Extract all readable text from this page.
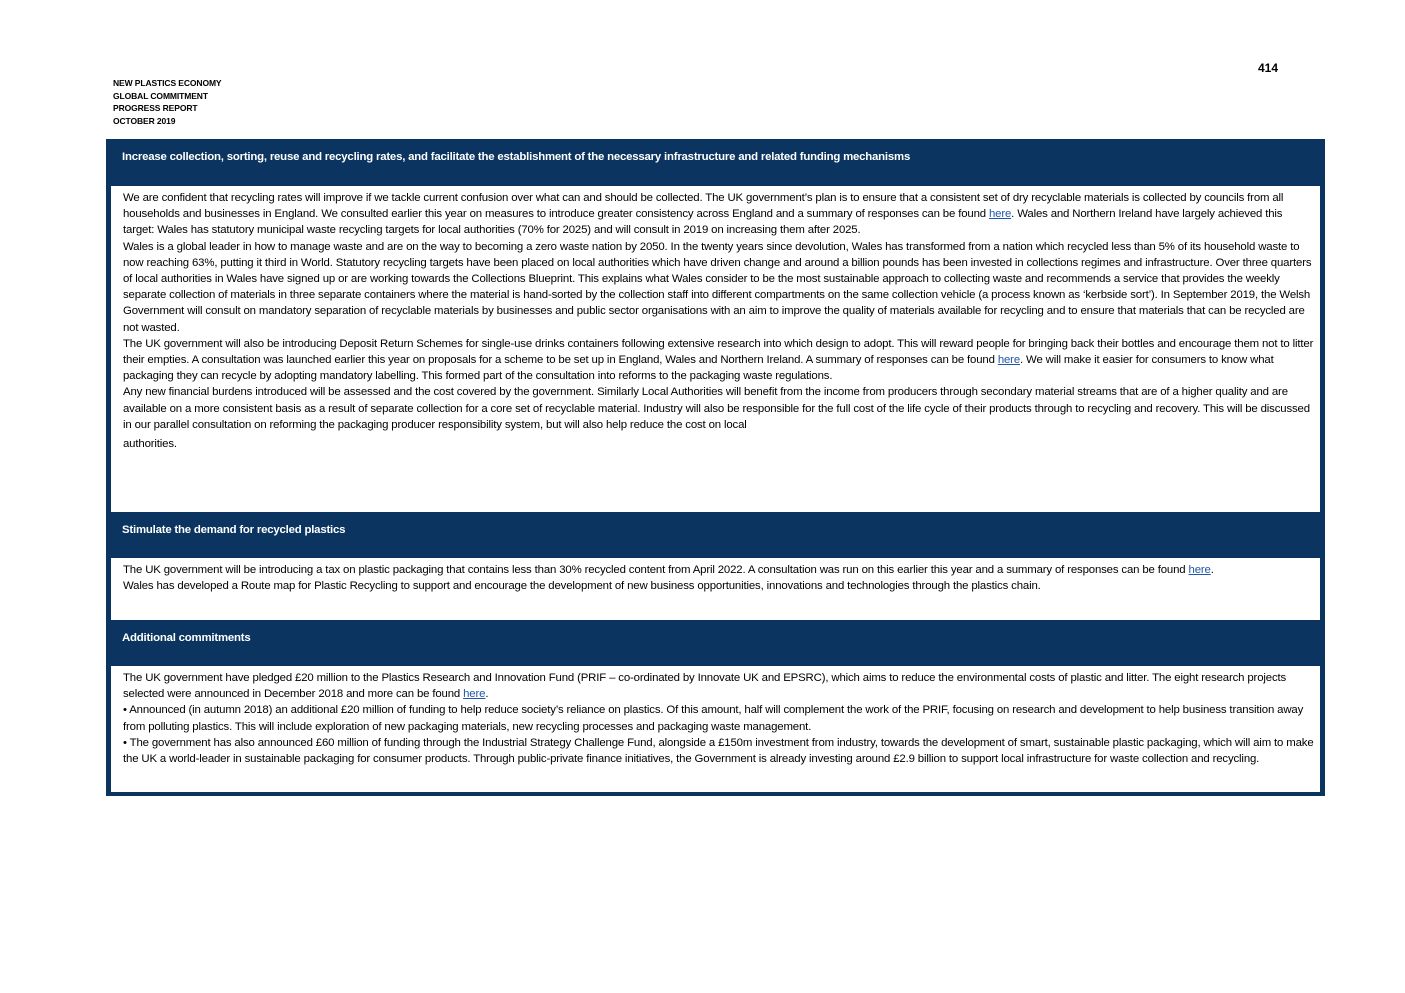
414
NEW PLASTICS ECONOMY
GLOBAL COMMITMENT
PROGRESS REPORT
OCTOBER 2019
Increase collection, sorting, reuse and recycling rates, and facilitate the establishment of the necessary infrastructure and related funding mechanisms

We are confident that recycling rates will improve if we tackle current confusion over what can and should be collected. The UK government’s plan is to ensure that a consistent set of dry recyclable materials is collected by councils from all households and businesses in England. We consulted earlier this year on measures to introduce greater consistency across England and a summary of responses can be found here. Wales and Northern Ireland have largely achieved this target: Wales has statutory municipal waste recycling targets for local authorities (70% for 2025) and will consult in 2019 on increasing them after 2025.

Wales is a global leader in how to manage waste and are on the way to becoming a zero waste nation by 2050. In the twenty years since devolution, Wales has transformed from a nation which recycled less than 5% of its household waste to now reaching 63%, putting it third in World. Statutory recycling targets have been placed on local authorities which have driven change and around a billion pounds has been invested in collections regimes and infrastructure. Over three quarters of local authorities in Wales have signed up or are working towards the Collections Blueprint. This explains what Wales consider to be the most sustainable approach to collecting waste and recommends a service that provides the weekly separate collection of materials in three separate containers where the material is hand-sorted by the collection staff into different compartments on the same collection vehicle (a process known as ‘kerbside sort’). In September 2019, the Welsh Government will consult on mandatory separation of recyclable materials by businesses and public sector organisations with an aim to improve the quality of materials available for recycling and to ensure that materials that can be recycled are not wasted.

The UK government will also be introducing Deposit Return Schemes for single-use drinks containers following extensive research into which design to adopt. This will reward people for bringing back their bottles and encourage them not to litter their empties. A consultation was launched earlier this year on proposals for a scheme to be set up in England, Wales and Northern Ireland. A summary of responses can be found here. We will make it easier for consumers to know what packaging they can recycle by adopting mandatory labelling. This formed part of the consultation into reforms to the packaging waste regulations.

Any new financial burdens introduced will be assessed and the cost covered by the government. Similarly Local Authorities will benefit from the income from producers through secondary material streams that are of a higher quality and are available on a more consistent basis as a result of separate collection for a core set of recyclable material. Industry will also be responsible for the full cost of the life cycle of their products through to recycling and recovery. This will be discussed in our parallel consultation on reforming the packaging producer responsibility system, but will also help reduce the cost on local

authorities.

Stimulate the demand for recycled plastics

The UK government will be introducing a tax on plastic packaging that contains less than 30% recycled content from April 2022. A consultation was run on this earlier this year and a summary of responses can be found here.

Wales has developed a Route map for Plastic Recycling to support and encourage the development of new business opportunities, innovations and technologies through the plastics chain.

Additional commitments

The UK government have pledged £20 million to the Plastics Research and Innovation Fund (PRIF – co-ordinated by Innovate UK and EPSRC), which aims to reduce the environmental costs of plastic and litter. The eight research projects selected were announced in December 2018 and more can be found here.

• Announced (in autumn 2018) an additional £20 million of funding to help reduce society’s reliance on plastics. Of this amount, half will complement the work of the PRIF, focusing on research and development to help business transition away from polluting plastics. This will include exploration of new packaging materials, new recycling processes and packaging waste management.

• The government has also announced £60 million of funding through the Industrial Strategy Challenge Fund, alongside a £150m investment from industry, towards the development of smart, sustainable plastic packaging, which will aim to make the UK a world-leader in sustainable packaging for consumer products. Through public-private finance initiatives, the Government is already investing around £2.9 billion to support local infrastructure for waste collection and recycling.
